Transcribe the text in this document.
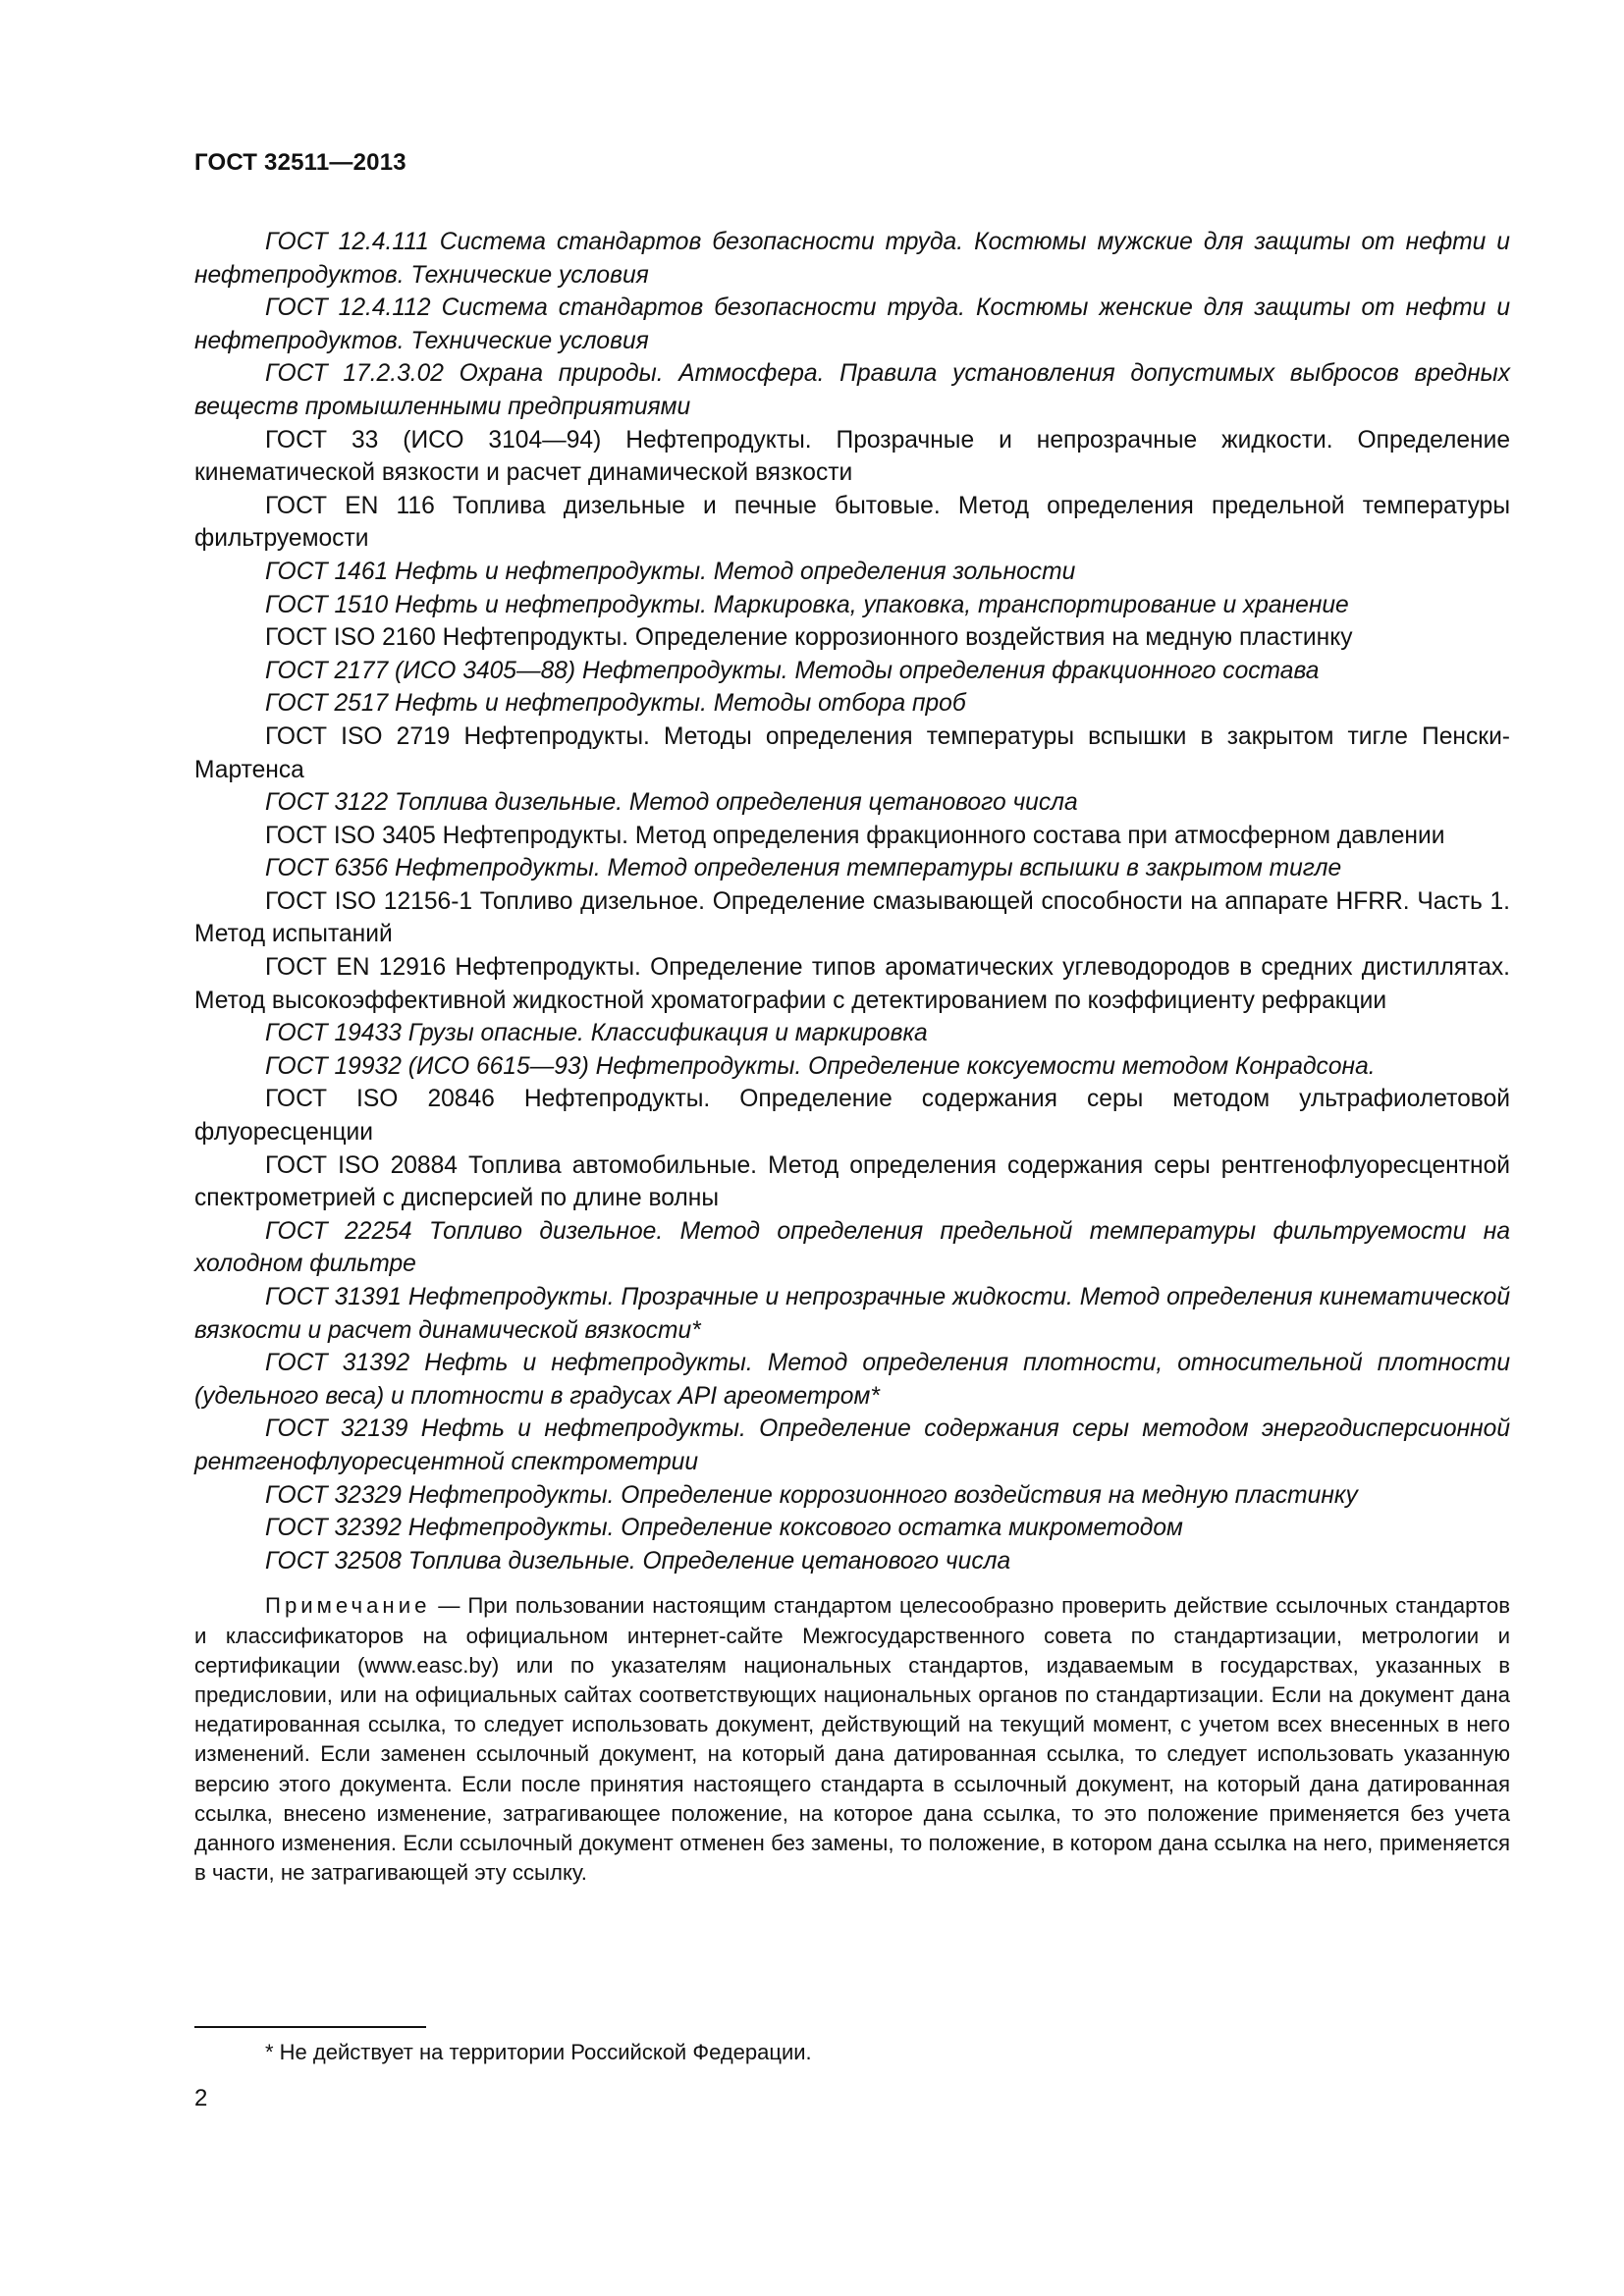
ГОСТ 32511—2013

ГОСТ 12.4.111 Система стандартов безопасности труда. Костюмы мужские для защиты от нефти и нефтепродуктов. Технические условия

ГОСТ 12.4.112 Система стандартов безопасности труда. Костюмы женские для защиты от нефти и нефтепродуктов. Технические условия

ГОСТ 17.2.3.02 Охрана природы. Атмосфера. Правила установления допустимых выбросов вредных веществ промышленными предприятиями

ГОСТ 33 (ИСО 3104—94) Нефтепродукты. Прозрачные и непрозрачные жидкости. Определение кинематической вязкости и расчет динамической вязкости

ГОСТ EN 116 Топлива дизельные и печные бытовые. Метод определения предельной температуры фильтруемости

ГОСТ 1461 Нефть и нефтепродукты. Метод определения зольности

ГОСТ 1510 Нефть и нефтепродукты. Маркировка, упаковка, транспортирование и хранение

ГОСТ ISO 2160 Нефтепродукты. Определение коррозионного воздействия на медную пластинку

ГОСТ 2177 (ИСО 3405—88) Нефтепродукты. Методы определения фракционного состава

ГОСТ 2517 Нефть и нефтепродукты. Методы отбора проб

ГОСТ ISO 2719 Нефтепродукты. Методы определения температуры вспышки в закрытом тигле Пенски-Мартенса

ГОСТ 3122 Топлива дизельные. Метод определения цетанового числа

ГОСТ ISO 3405 Нефтепродукты. Метод определения фракционного состава при атмосферном давлении

ГОСТ 6356 Нефтепродукты. Метод определения температуры вспышки в закрытом тигле

ГОСТ ISO 12156-1 Топливо дизельное. Определение смазывающей способности на аппарате HFRR. Часть 1. Метод испытаний

ГОСТ EN 12916 Нефтепродукты. Определение типов ароматических углеводородов в средних дистиллятах. Метод высокоэффективной жидкостной хроматографии с детектированием по коэффициенту рефракции

ГОСТ 19433 Грузы опасные. Классификация и маркировка

ГОСТ 19932 (ИСО 6615—93) Нефтепродукты. Определение коксуемости методом Конрадсона.

ГОСТ ISO 20846 Нефтепродукты. Определение содержания серы методом ультрафиолетовой флуоресценции

ГОСТ ISO 20884 Топлива автомобильные. Метод определения содержания серы рентгенофлуоресцентной спектрометрией с дисперсией по длине волны

ГОСТ 22254 Топливо дизельное. Метод определения предельной температуры фильтруемости на холодном фильтре

ГОСТ 31391 Нефтепродукты. Прозрачные и непрозрачные жидкости. Метод определения кинематической вязкости и расчет динамической вязкости*

ГОСТ 31392 Нефть и нефтепродукты. Метод определения плотности, относительной плотности (удельного веса) и плотности в градусах API ареометром*

ГОСТ 32139 Нефть и нефтепродукты. Определение содержания серы методом энергодисперсионной рентгенофлуоресцентной спектрометрии

ГОСТ 32329 Нефтепродукты. Определение коррозионного воздействия на медную пластинку

ГОСТ 32392 Нефтепродукты. Определение коксового остатка микрометодом

ГОСТ 32508 Топлива дизельные. Определение цетанового числа

Примечание — При пользовании настоящим стандартом целесообразно проверить действие ссылочных стандартов и классификаторов на официальном интернет-сайте Межгосударственного совета по стандартизации, метрологии и сертификации (www.easc.by) или по указателям национальных стандартов, издаваемым в государствах, указанных в предисловии, или на официальных сайтах соответствующих национальных органов по стандартизации. Если на документ дана недатированная ссылка, то следует использовать документ, действующий на текущий момент, с учетом всех внесенных в него изменений. Если заменен ссылочный документ, на который дана датированная ссылка, то следует использовать указанную версию этого документа. Если после принятия настоящего стандарта в ссылочный документ, на который дана датированная ссылка, внесено изменение, затрагивающее положение, на которое дана ссылка, то это положение применяется без учета данного изменения. Если ссылочный документ отменен без замены, то положение, в котором дана ссылка на него, применяется в части, не затрагивающей эту ссылку.

* Не действует на территории Российской Федерации.
2
